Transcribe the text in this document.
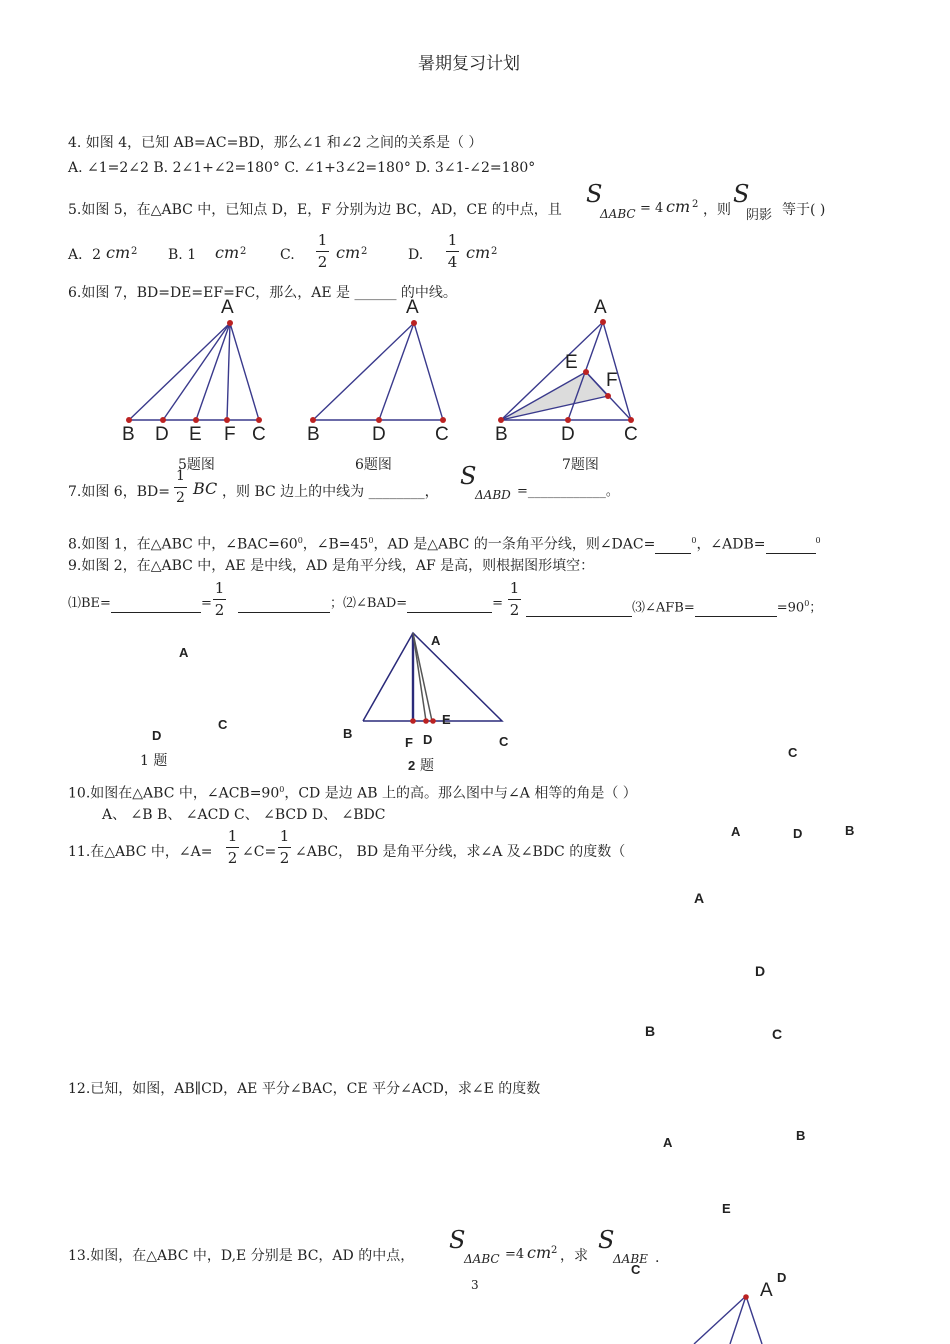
暑期复习计划
4. 如图 4，已知 AB=AC=BD，那么∠1 和∠2 之间的关系是（ ）
A. ∠1=2∠2 B. 2∠1+∠2=180° C. ∠1+3∠2=180° D. 3∠1-∠2=180°
5.如图 5，在△ABC 中，已知点 D，E，F 分别为边 BC，AD，CE 的中点，且
S
ΔABC = 4 cm 2 ，则
S
阴影 等于( )
A．2 cm 2 B. 1 cm 2 C.
1
2 cm 2	D.
1
4 cm 2
6.如图 7，BD=DE=EF=FC，那么，AE 是 ______ 的中线。
A
B D E F C
5题图
A
B	D	C
6题图
A
E
F
B	D	C
7题图
7.如图 6，BD=
1
2 BC ，则 BC 边上的中线为 ________，
S
ΔABD =____________。
8.如图 1，在△ABC 中，$\angle BAC=60^0$，$\angle B=45^0$，AD 是△ABC 的一条角平分线，则∠DAC=	$^0$，∠ADB=	$^0$
9.如图 2，在△ABC 中，AE 是中线，AD 是角平分线，AF 是高，则根据图形填空：
⑴BE=	=
1
2	；⑵∠BAD=	=
1
2	⑶∠AFB=	$=90^0$；
A
D
C
1 题
A
B
E
F D	C
2 题
C
10.如图在△ABC 中，$\angle ACB=90^0$，CD 是边 AB 上的高。那么图中与∠A 相等的角是（ ）
A、 ∠B B、 ∠ACD C、 ∠BCD D、 ∠BDC
A	D	B
11.在△ABC 中，∠A=
1
2 ∠C=
1
2 ∠ABC， BD 是角平分线，求∠A 及∠BDC 的度数（
A
D
B	C
12.已知，如图，AB∥CD，AE 平分∠BAC，CE 平分∠ACD，求∠E 的度数
A	B
E
C
D
13.如图，在△ABC 中，D,E 分别是 BC，AD 的中点，
S
ΔABC =4 cm 2 ，求
S
ΔABE .
A
3
